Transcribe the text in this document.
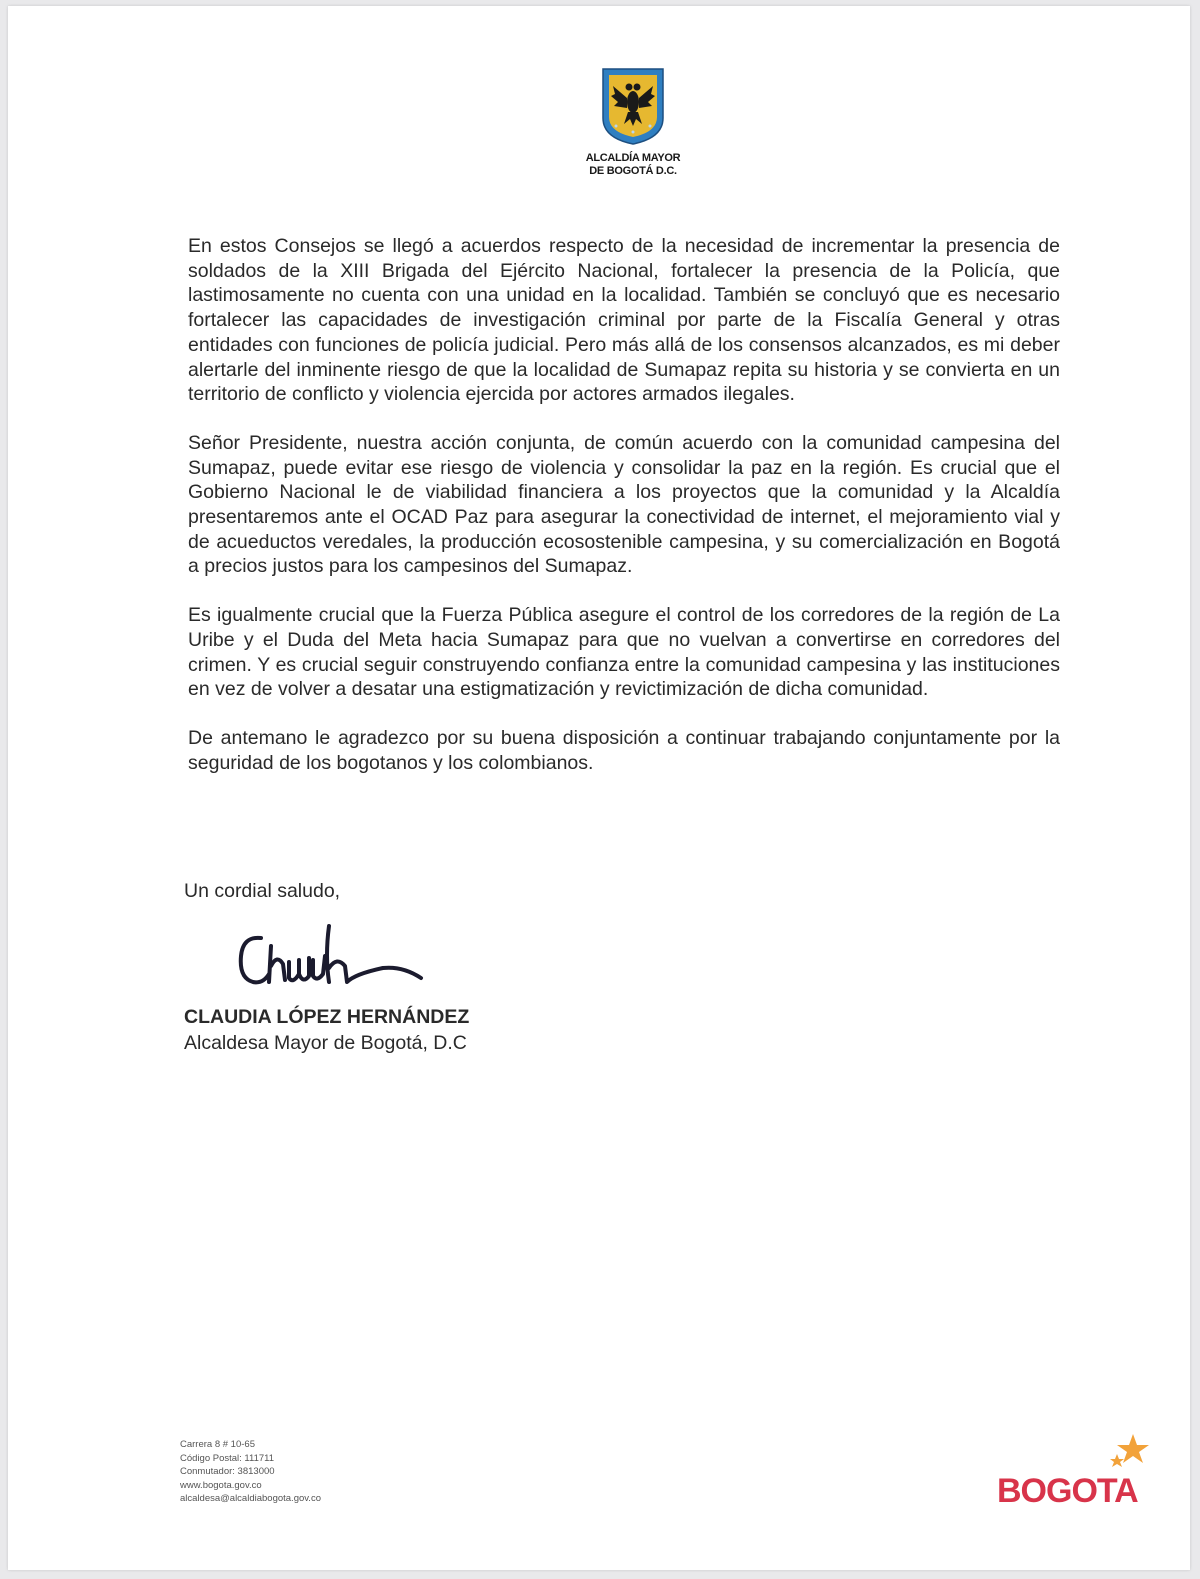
ALCALDÍA MAYOR
DE BOGOTÁ D.C.

En estos Consejos se llegó a acuerdos respecto de la necesidad de incrementar la presencia de soldados de la XIII Brigada del Ejército Nacional, fortalecer la presencia de la Policía, que lastimosamente no cuenta con una unidad en la localidad. También se concluyó que es necesario fortalecer las capacidades de investigación criminal por parte de la Fiscalía General y otras entidades con funciones de policía judicial. Pero más allá de los consensos alcanzados, es mi deber alertarle del inminente riesgo de que la localidad de Sumapaz repita su historia y se convierta en un territorio de conflicto y violencia ejercida por actores armados ilegales.

Señor Presidente, nuestra acción conjunta, de común acuerdo con la comunidad campesina del Sumapaz, puede evitar ese riesgo de violencia y consolidar la paz en la región. Es crucial que el Gobierno Nacional le de viabilidad financiera a los proyectos que la comunidad y la Alcaldía presentaremos ante el OCAD Paz para asegurar la conectividad de internet, el mejoramiento vial y de acueductos veredales, la producción ecosostenible campesina, y su comercialización en Bogotá a precios justos para los campesinos del Sumapaz.

Es igualmente crucial que la Fuerza Pública asegure el control de los corredores de la región de La Uribe y el Duda del Meta hacia Sumapaz para que no vuelvan a convertirse en corredores del crimen. Y es crucial seguir construyendo confianza entre la comunidad campesina y las instituciones en vez de volver a desatar una estigmatización y revictimización de dicha comunidad.

De antemano le agradezco por su buena disposición a continuar trabajando conjuntamente por la seguridad de los bogotanos y los colombianos.

Un cordial saludo,
CLAUDIA LÓPEZ HERNÁNDEZ
Alcaldesa Mayor de Bogotá, D.C
Carrera 8 # 10-65
Código Postal: 111711
Conmutador: 3813000
www.bogota.gov.co
alcaldesa@alcaldiabogota.gov.co	BOGOTA
